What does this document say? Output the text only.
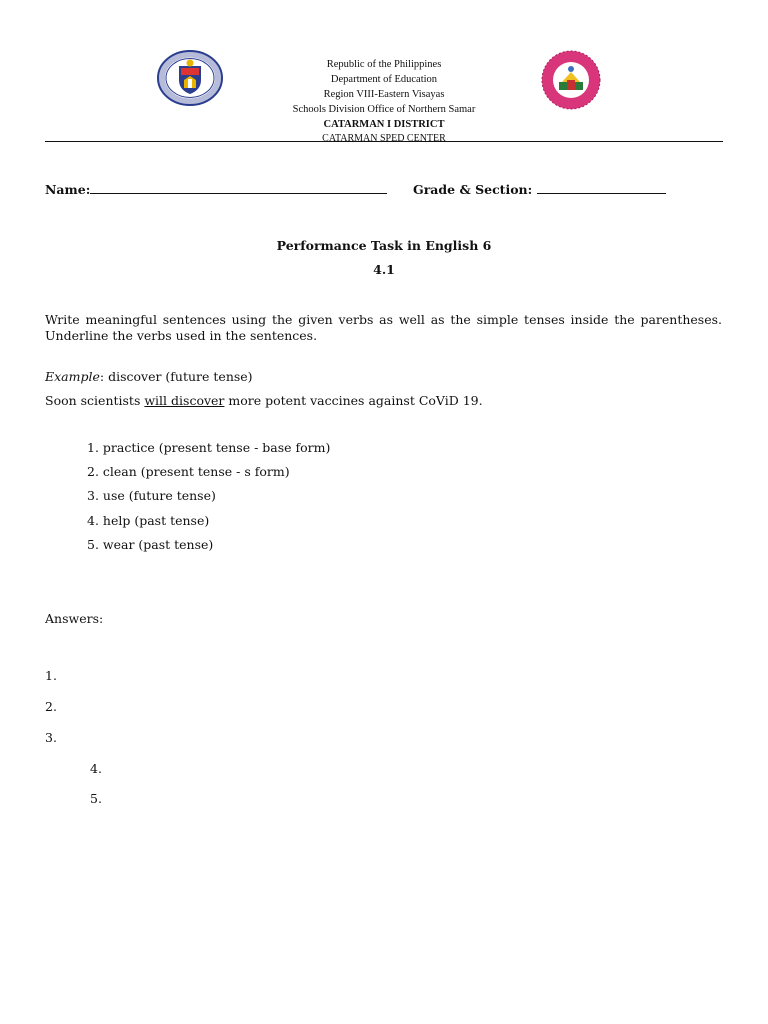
Republic of the Philippines
Department of Education
Region VIII-Eastern Visayas
Schools Division Office of Northern Samar
CATARMAN I DISTRICT
CATARMAN SPED CENTER
Name:	Grade & Section:
Performance Task in English 6
4.1
Write meaningful sentences using the given verbs as well as the simple tenses inside the parentheses. Underline the verbs used in the sentences.
Example: discover (future tense)
Soon scientists will discover more potent vaccines against CoViD 19.
1. practice (present tense - base form)
2. clean (present tense - s form)
3. use (future tense)
4. help (past tense)
5. wear (past tense)
Answers:
1.
2.
3.
4.
5.
